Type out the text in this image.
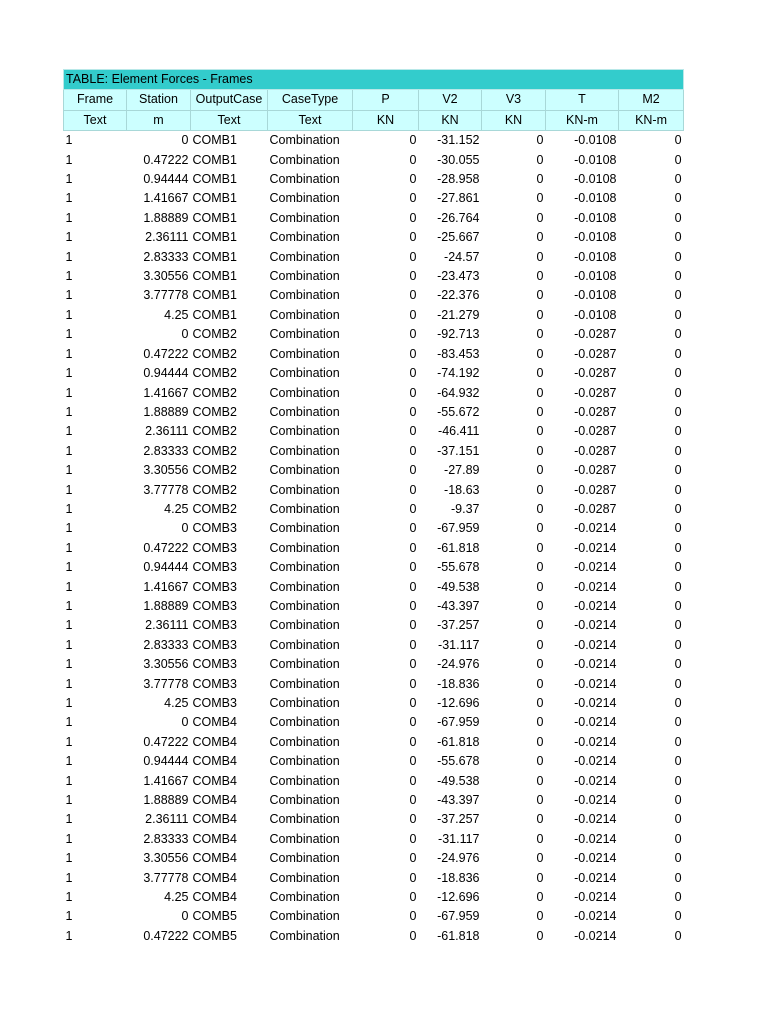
TABLE: Element Forces - Frames								
Frame	Station	OutputCase	CaseType	P	V2	V3	T	M2
Text	m	Text	Text	KN	KN	KN	KN-m	KN-m
1	0	COMB1	Combination	0	-31.152	0	-0.0108	0
1	0.47222	COMB1	Combination	0	-30.055	0	-0.0108	0
1	0.94444	COMB1	Combination	0	-28.958	0	-0.0108	0
1	1.41667	COMB1	Combination	0	-27.861	0	-0.0108	0
1	1.88889	COMB1	Combination	0	-26.764	0	-0.0108	0
1	2.36111	COMB1	Combination	0	-25.667	0	-0.0108	0
1	2.83333	COMB1	Combination	0	-24.57	0	-0.0108	0
1	3.30556	COMB1	Combination	0	-23.473	0	-0.0108	0
1	3.77778	COMB1	Combination	0	-22.376	0	-0.0108	0
1	4.25	COMB1	Combination	0	-21.279	0	-0.0108	0
1	0	COMB2	Combination	0	-92.713	0	-0.0287	0
1	0.47222	COMB2	Combination	0	-83.453	0	-0.0287	0
1	0.94444	COMB2	Combination	0	-74.192	0	-0.0287	0
1	1.41667	COMB2	Combination	0	-64.932	0	-0.0287	0
1	1.88889	COMB2	Combination	0	-55.672	0	-0.0287	0
1	2.36111	COMB2	Combination	0	-46.411	0	-0.0287	0
1	2.83333	COMB2	Combination	0	-37.151	0	-0.0287	0
1	3.30556	COMB2	Combination	0	-27.89	0	-0.0287	0
1	3.77778	COMB2	Combination	0	-18.63	0	-0.0287	0
1	4.25	COMB2	Combination	0	-9.37	0	-0.0287	0
1	0	COMB3	Combination	0	-67.959	0	-0.0214	0
1	0.47222	COMB3	Combination	0	-61.818	0	-0.0214	0
1	0.94444	COMB3	Combination	0	-55.678	0	-0.0214	0
1	1.41667	COMB3	Combination	0	-49.538	0	-0.0214	0
1	1.88889	COMB3	Combination	0	-43.397	0	-0.0214	0
1	2.36111	COMB3	Combination	0	-37.257	0	-0.0214	0
1	2.83333	COMB3	Combination	0	-31.117	0	-0.0214	0
1	3.30556	COMB3	Combination	0	-24.976	0	-0.0214	0
1	3.77778	COMB3	Combination	0	-18.836	0	-0.0214	0
1	4.25	COMB3	Combination	0	-12.696	0	-0.0214	0
1	0	COMB4	Combination	0	-67.959	0	-0.0214	0
1	0.47222	COMB4	Combination	0	-61.818	0	-0.0214	0
1	0.94444	COMB4	Combination	0	-55.678	0	-0.0214	0
1	1.41667	COMB4	Combination	0	-49.538	0	-0.0214	0
1	1.88889	COMB4	Combination	0	-43.397	0	-0.0214	0
1	2.36111	COMB4	Combination	0	-37.257	0	-0.0214	0
1	2.83333	COMB4	Combination	0	-31.117	0	-0.0214	0
1	3.30556	COMB4	Combination	0	-24.976	0	-0.0214	0
1	3.77778	COMB4	Combination	0	-18.836	0	-0.0214	0
1	4.25	COMB4	Combination	0	-12.696	0	-0.0214	0
1	0	COMB5	Combination	0	-67.959	0	-0.0214	0
1	0.47222	COMB5	Combination	0	-61.818	0	-0.0214	0
